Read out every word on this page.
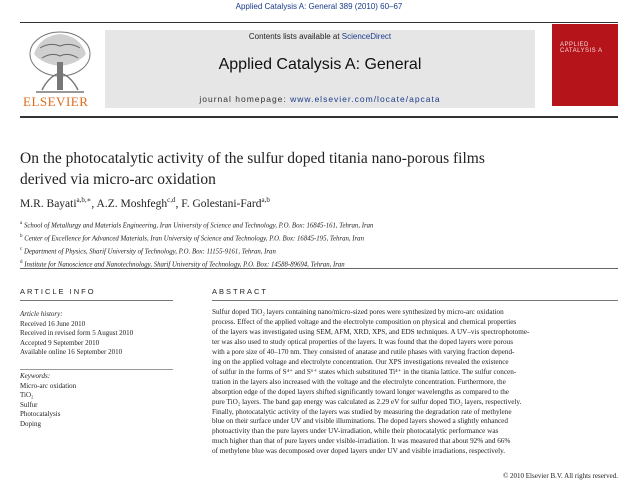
Applied Catalysis A: General 389 (2010) 60–67
ELSEVIER
Contents lists available at ScienceDirect
Applied Catalysis A: General
journal homepage: www.elsevier.com/locate/apcata
APPLIED CATALYSIS A
On the photocatalytic activity of the sulfur doped titania nano-porous films
derived via micro-arc oxidation
M.R. Bayati$^{a,b,∗}$, A.Z. Moshfegh$^{c,d}$, F. Golestani-Fard$^{a,b}$
$^a$ School of Metallurgy and Materials Engineering, Iran University of Science and Technology, P.O. Box: 16845-161, Tehran, Iran
$^b$ Center of Excellence for Advanced Materials, Iran University of Science and Technology, P.O. Box: 16845-195, Tehran, Iran
$^c$ Department of Physics, Sharif University of Technology, P.O. Box: 11155-9161, Tehran, Iran
$^d$ Institute for Nanoscience and Nanotechnology, Sharif University of Technology, P.O. Box: 14588-89694, Tehran, Iran
ARTICLE INFO	ABSTRACT
Article history:
Received 16 June 2010
Received in revised form 5 August 2010
Accepted 9 September 2010
Available online 16 September 2010
Keywords:
Micro-arc oxidation
TiO₂
Sulfur
Photocatalysis
Doping
Sulfur doped TiO₂ layers containing nano/micro-sized pores were synthesized by micro-arc oxidation
process. Effect of the applied voltage and the electrolyte composition on physical and chemical properties
of the layers was investigated using SEM, AFM, XRD, XPS, and EDS techniques. A UV–vis spectrophotome-
ter was also used to study optical properties of the layers. It was found that the doped layers were porous
with a pore size of 40–170 nm. They consisted of anatase and rutile phases with varying fraction depend-
ing on the applied voltage and electrolyte concentration. Our XPS investigations revealed the existence
of sulfur in the forms of S⁴⁺ and S⁶⁺ states which substituted Ti⁴⁺ in the titania lattice. The sulfur concen-
tration in the layers also increased with the voltage and the electrolyte concentration. Furthermore, the
absorption edge of the doped layers shifted significantly toward longer wavelengths as compared to the
pure TiO₂ layers. The band gap energy was calculated as 2.29 eV for sulfur doped TiO₂ layers, respectively.
Finally, photocatalytic activity of the layers was studied by measuring the degradation rate of methylene
blue on their surface under UV and visible illuminations. The doped layers showed a slightly enhanced
photoactivity than the pure layers under UV-irradiation, while their photocatalytic performance was
much higher than that of pure layers under visible-irradiation. It was measured that about 92% and 66%
of methylene blue was decomposed over doped layers under UV and visible irradiations, respectively.
© 2010 Elsevier B.V. All rights reserved.
